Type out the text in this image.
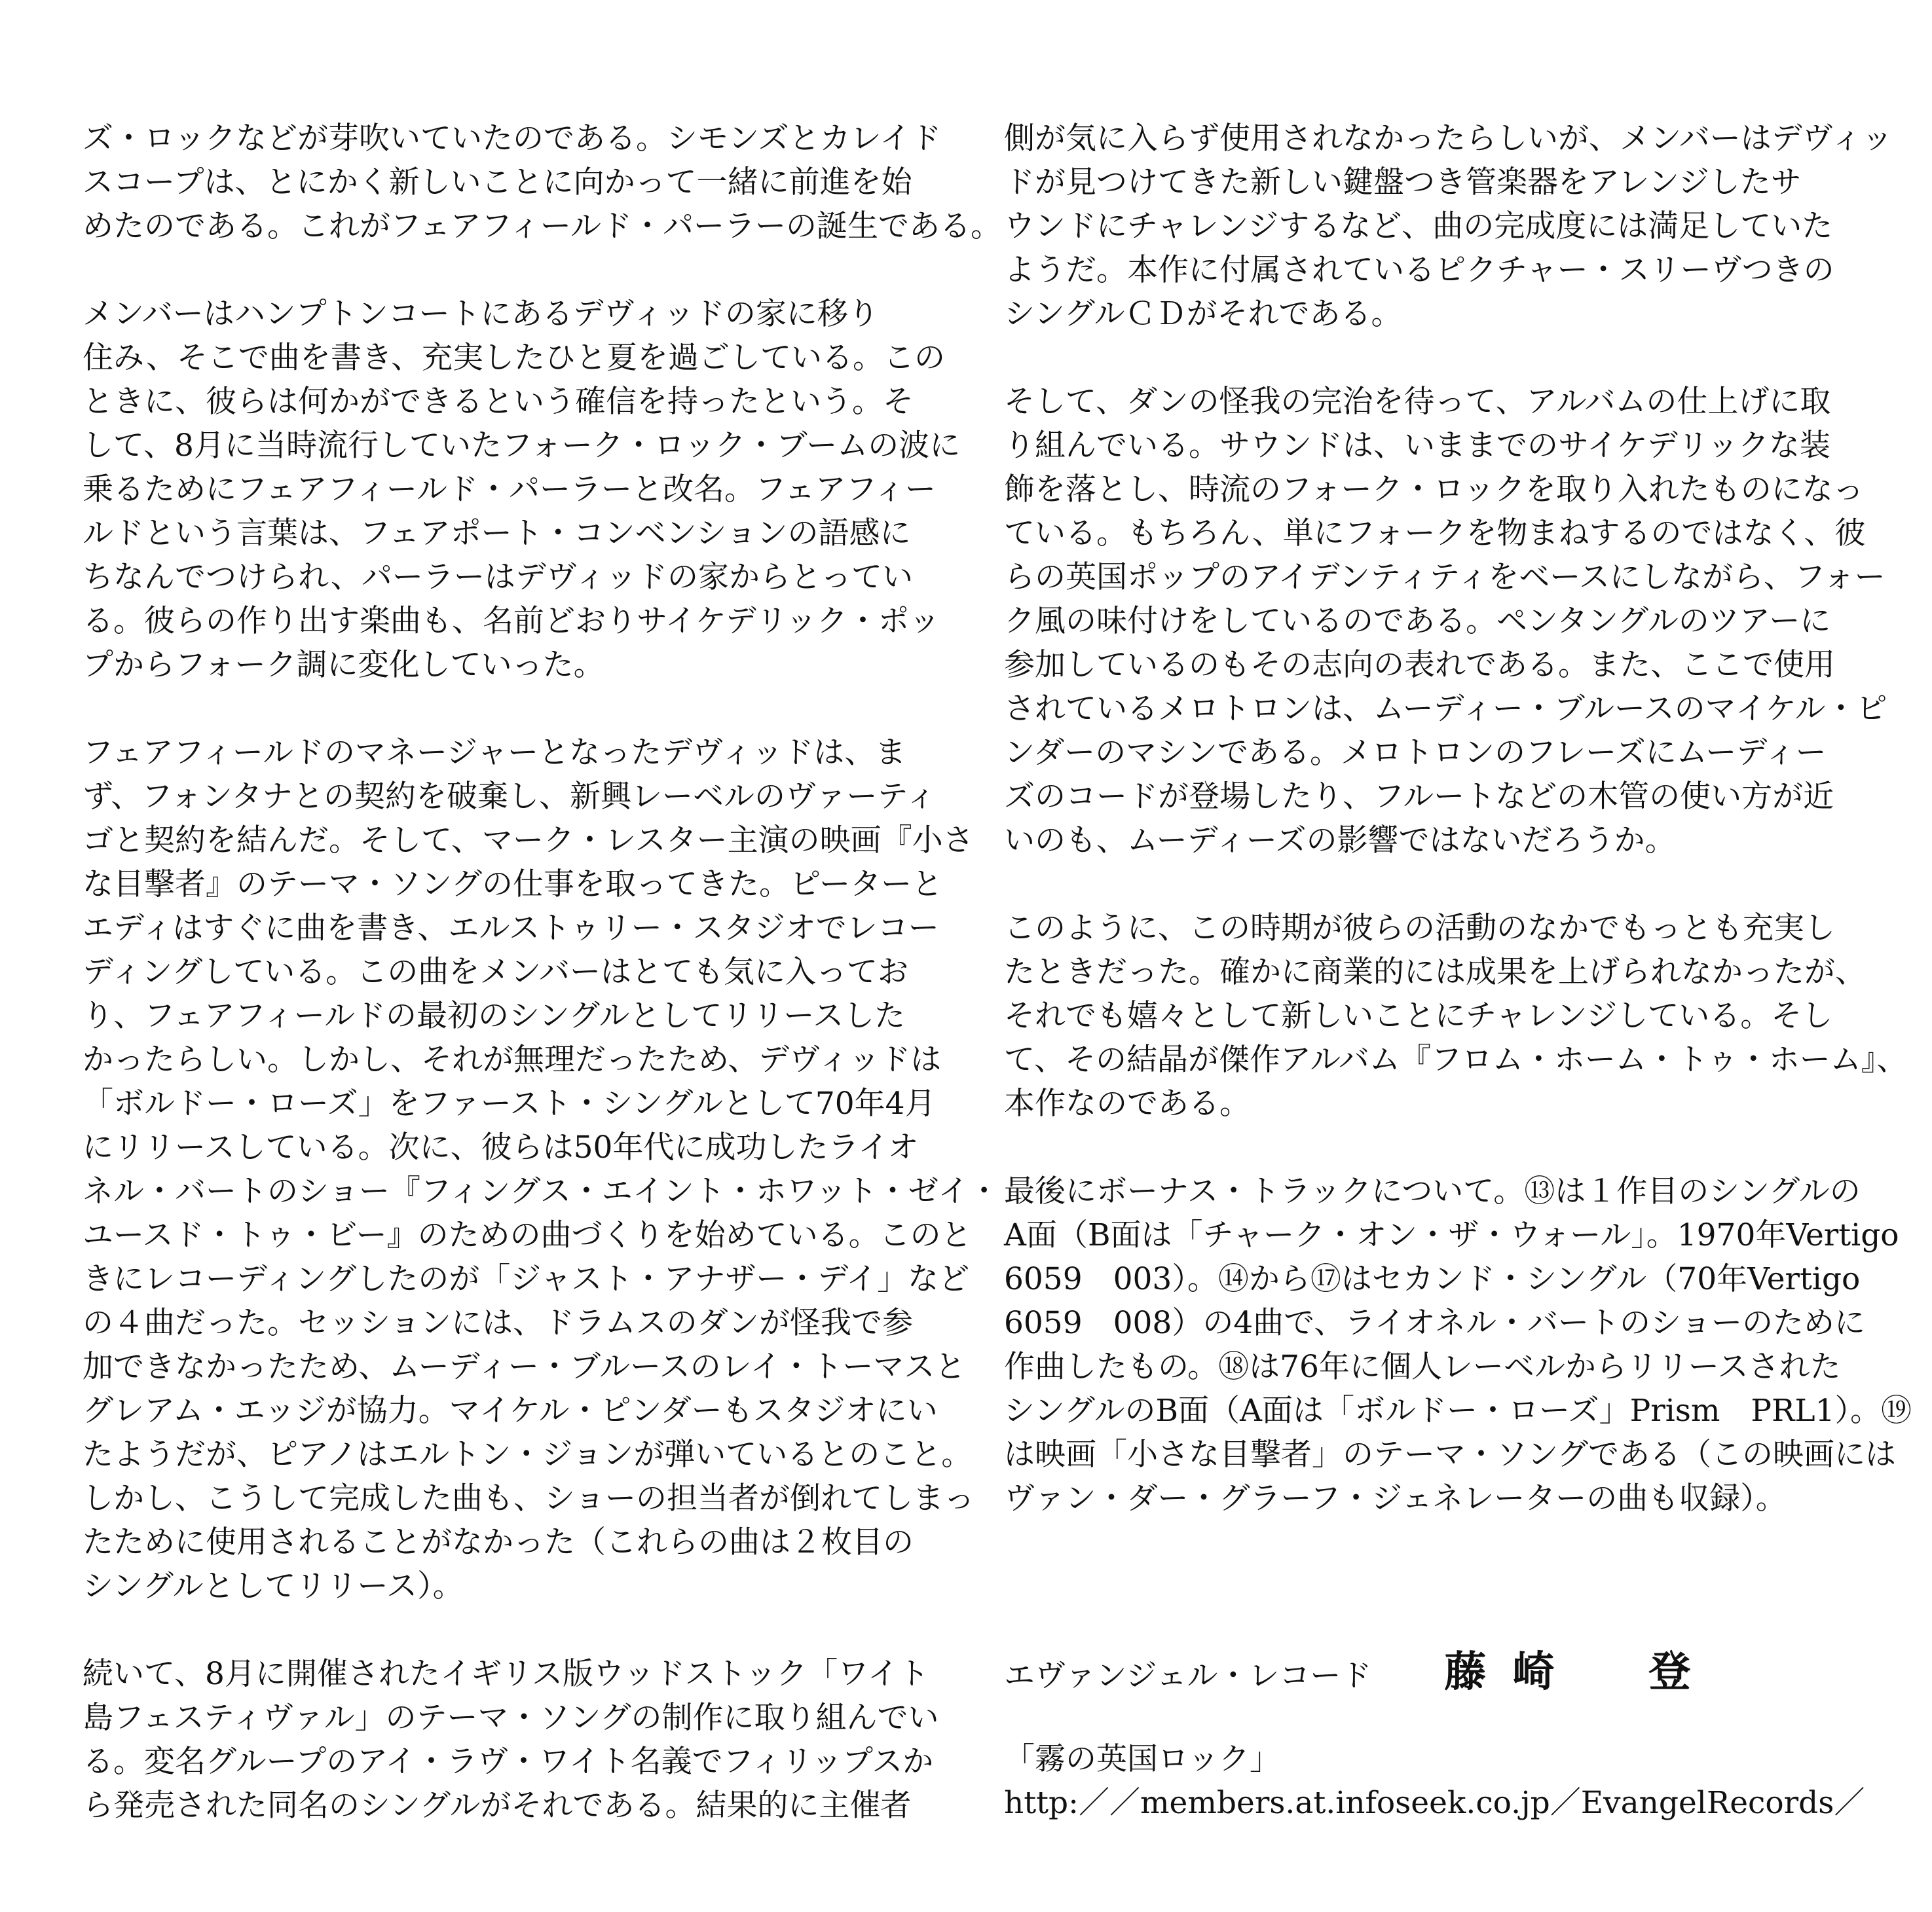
ズ・ロックなどが芽吹いていたのである。シモンズとカレイド
スコープは、とにかく新しいことに向かって一緒に前進を始
めたのである。これがフェアフィールド・パーラーの誕生である。
メンバーはハンプトンコートにあるデヴィッドの家に移り
住み、そこで曲を書き、充実したひと夏を過ごしている。この
ときに、彼らは何かができるという確信を持ったという。そ
して、8月に当時流行していたフォーク・ロック・ブームの波に
乗るためにフェアフィールド・パーラーと改名。フェアフィー
ルドという言葉は、フェアポート・コンベンションの語感に
ちなんでつけられ、パーラーはデヴィッドの家からとってい
る。彼らの作り出す楽曲も、名前どおりサイケデリック・ポッ
プからフォーク調に変化していった。
フェアフィールドのマネージャーとなったデヴィッドは、ま
ず、フォンタナとの契約を破棄し、新興レーベルのヴァーティ
ゴと契約を結んだ。そして、マーク・レスター主演の映画『小さ
な目撃者』のテーマ・ソングの仕事を取ってきた。ピーターと
エディはすぐに曲を書き、エルストゥリー・スタジオでレコー
ディングしている。この曲をメンバーはとても気に入ってお
り、フェアフィールドの最初のシングルとしてリリースした
かったらしい。しかし、それが無理だったため、デヴィッドは
「ボルドー・ローズ」をファースト・シングルとして70年4月
にリリースしている。次に、彼らは50年代に成功したライオ
ネル・バートのショー『フィングス・エイント・ホワット・ゼイ・
ユースド・トゥ・ビー』のための曲づくりを始めている。このと
きにレコーディングしたのが「ジャスト・アナザー・デイ」など
の４曲だった。セッションには、ドラムスのダンが怪我で参
加できなかったため、ムーディー・ブルースのレイ・トーマスと
グレアム・エッジが協力。マイケル・ピンダーもスタジオにい
たようだが、ピアノはエルトン・ジョンが弾いているとのこと。
しかし、こうして完成した曲も、ショーの担当者が倒れてしまっ
たために使用されることがなかった（これらの曲は２枚目の
シングルとしてリリース）。
続いて、8月に開催されたイギリス版ウッドストック「ワイト
島フェスティヴァル」のテーマ・ソングの制作に取り組んでい
る。変名グループのアイ・ラヴ・ワイト名義でフィリップスか
ら発売された同名のシングルがそれである。結果的に主催者
側が気に入らず使用されなかったらしいが、メンバーはデヴィッ
ドが見つけてきた新しい鍵盤つき管楽器をアレンジしたサ
ウンドにチャレンジするなど、曲の完成度には満足していた
ようだ。本作に付属されているピクチャー・スリーヴつきの
シングルＣＤがそれである。
そして、ダンの怪我の完治を待って、アルバムの仕上げに取
り組んでいる。サウンドは、いままでのサイケデリックな装
飾を落とし、時流のフォーク・ロックを取り入れたものになっ
ている。もちろん、単にフォークを物まねするのではなく、彼
らの英国ポップのアイデンティティをベースにしながら、フォー
ク風の味付けをしているのである。ペンタングルのツアーに
参加しているのもその志向の表れである。また、ここで使用
されているメロトロンは、ムーディー・ブルースのマイケル・ピ
ンダーのマシンである。メロトロンのフレーズにムーディー
ズのコードが登場したり、フルートなどの木管の使い方が近
いのも、ムーディーズの影響ではないだろうか。
このように、この時期が彼らの活動のなかでもっとも充実し
たときだった。確かに商業的には成果を上げられなかったが、
それでも嬉々として新しいことにチャレンジしている。そし
て、その結晶が傑作アルバム『フロム・ホーム・トゥ・ホーム』、
本作なのである。
最後にボーナス・トラックについて。⑬は１作目のシングルの
A面（B面は「チャーク・オン・ザ・ウォール」。1970年Vertigo
6059　003）。⑭から⑰はセカンド・シングル（70年Vertigo
6059　008）の4曲で、ライオネル・バートのショーのために
作曲したもの。⑱は76年に個人レーベルからリリースされた
シングルのB面（A面は「ボルドー・ローズ」Prism　PRL1）。⑲
は映画「小さな目撃者」のテーマ・ソングである（この映画には
ヴァン・ダー・グラーフ・ジェネレーターの曲も収録）。
エヴァンジェル・レコード 藤崎　登
「霧の英国ロック」
http:／／members.at.infoseek.co.jp／EvangelRecords／
